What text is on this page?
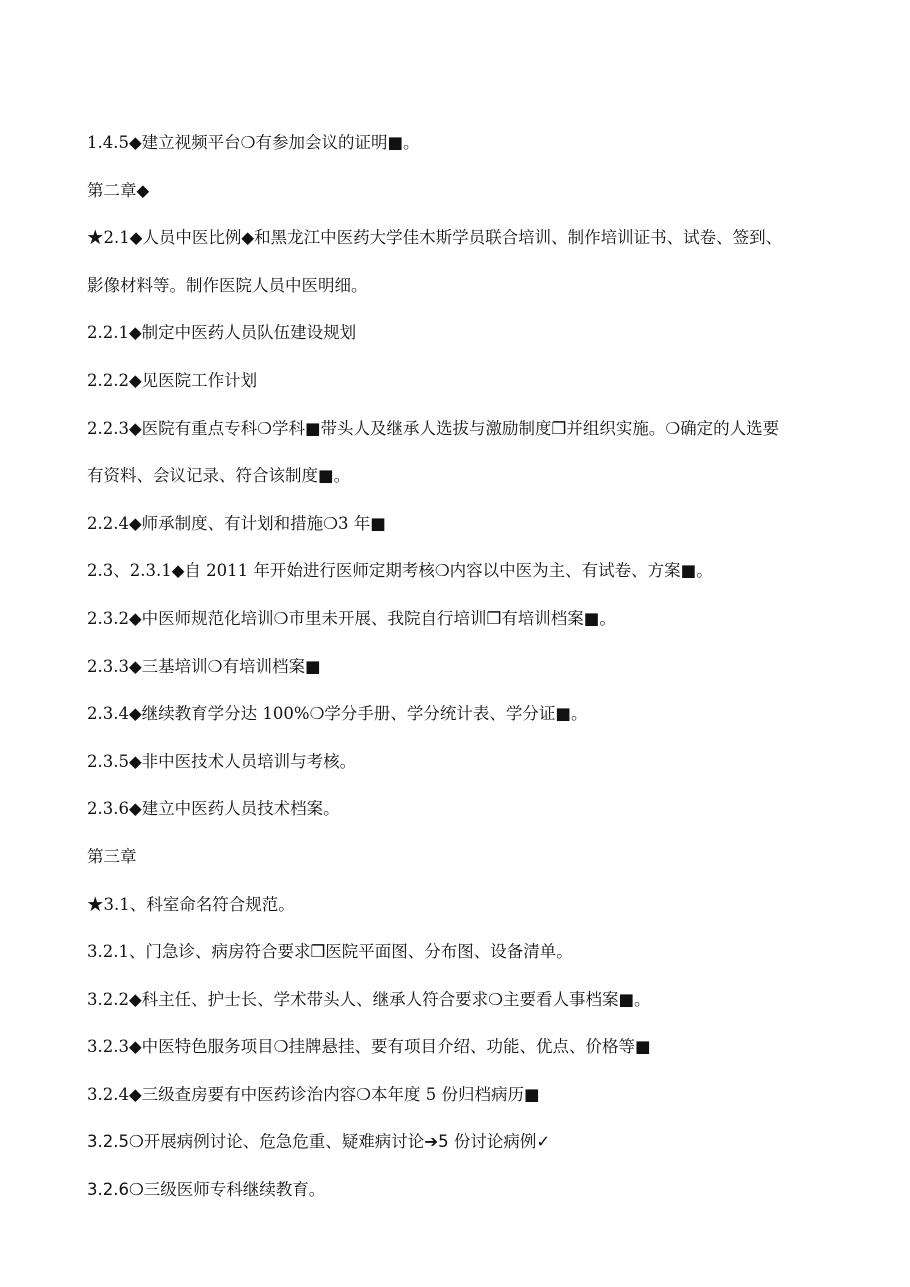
1.4.5◆建立视频平台❍有参加会议的证明■。
第二章◆
★2.1◆人员中医比例◆和黑龙江中医药大学佳木斯学员联合培训、制作培训证书、试卷、签到、
影像材料等。制作医院人员中医明细。
2.2.1◆制定中医药人员队伍建设规划
2.2.2◆见医院工作计划
2.2.3◆医院有重点专科❍学科■带头人及继承人选拔与激励制度❒并组织实施。❍确定的人选要
有资料、会议记录、符合该制度■。
2.2.4◆师承制度、有计划和措施❍3 年■
2.3、2.3.1◆自 2011 年开始进行医师定期考核❍内容以中医为主、有试卷、方案■。
2.3.2◆中医师规范化培训❍市里未开展、我院自行培训❒有培训档案■。
2.3.3◆三基培训❍有培训档案■
2.3.4◆继续教育学分达 100%❍学分手册、学分统计表、学分证■。
2.3.5◆非中医技术人员培训与考核。
2.3.6◆建立中医药人员技术档案。
第三章
★3.1、科室命名符合规范。
3.2.1、门急诊、病房符合要求❒医院平面图、分布图、设备清单。
3.2.2◆科主任、护士长、学术带头人、继承人符合要求❍主要看人事档案■。
3.2.3◆中医特色服务项目❍挂牌悬挂、要有项目介绍、功能、优点、价格等■
3.2.4◆三级查房要有中医药诊治内容❍本年度 5 份归档病历■
3.2.5❍开展病例讨论、危急危重、疑难病讨论➔5 份讨论病例✓
3.2.6❍三级医师专科继续教育。
